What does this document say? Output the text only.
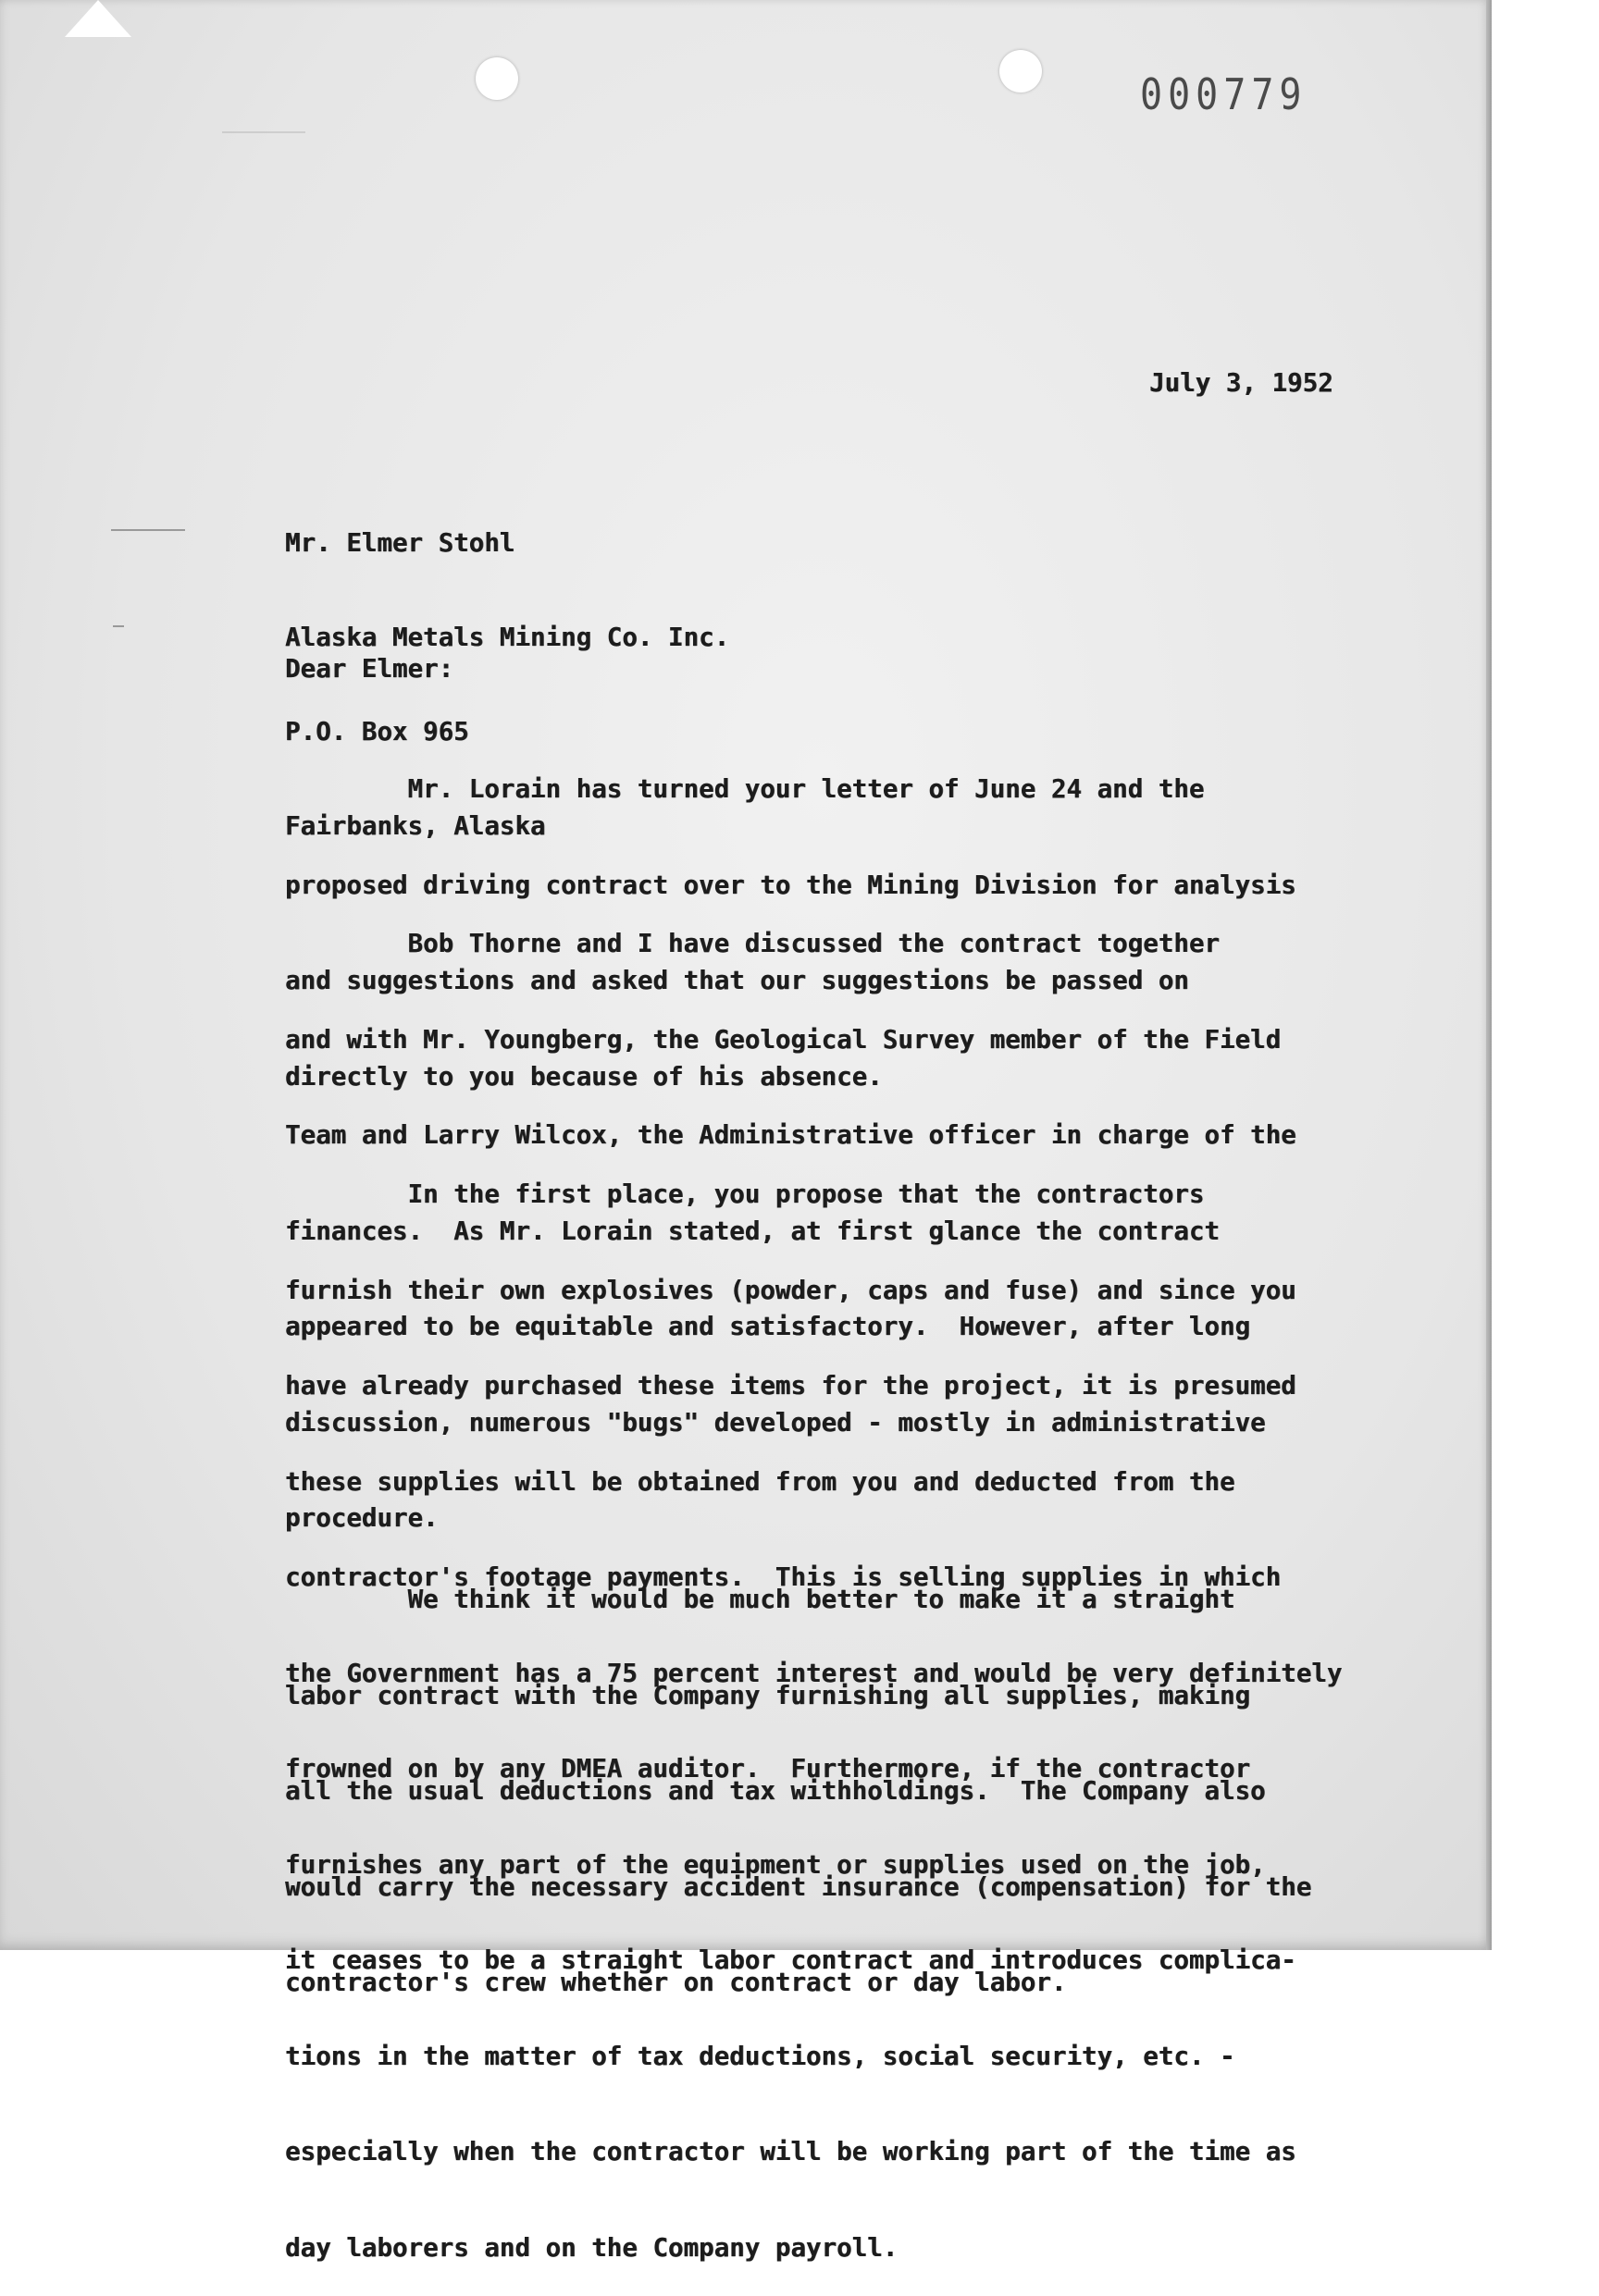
000779
July 3, 1952

Mr. Elmer Stohl

Alaska Metals Mining Co. Inc.

P.O. Box 965

Fairbanks, Alaska

Dear Elmer:

Mr. Lorain has turned your letter of June 24 and the

proposed driving contract over to the Mining Division for analysis

and suggestions and asked that our suggestions be passed on

directly to you because of his absence.

Bob Thorne and I have discussed the contract together

and with Mr. Youngberg, the Geological Survey member of the Field

Team and Larry Wilcox, the Administrative officer in charge of the

finances.  As Mr. Lorain stated, at first glance the contract

appeared to be equitable and satisfactory.  However, after long

discussion, numerous "bugs" developed - mostly in administrative

procedure.

In the first place, you propose that the contractors

furnish their own explosives (powder, caps and fuse) and since you

have already purchased these items for the project, it is presumed

these supplies will be obtained from you and deducted from the

contractor's footage payments.  This is selling supplies in which

the Government has a 75 percent interest and would be very definitely

frowned on by any DMEA auditor.  Furthermore, if the contractor

furnishes any part of the equipment or supplies used on the job,

it ceases to be a straight labor contract and introduces complica-

tions in the matter of tax deductions, social security, etc. -

especially when the contractor will be working part of the time as

day laborers and on the Company payroll.

We think it would be much better to make it a straight

labor contract with the Company furnishing all supplies, making

all the usual deductions and tax withholdings.  The Company also

would carry the necessary accident insurance (compensation) for the

contractor's crew whether on contract or day labor.
